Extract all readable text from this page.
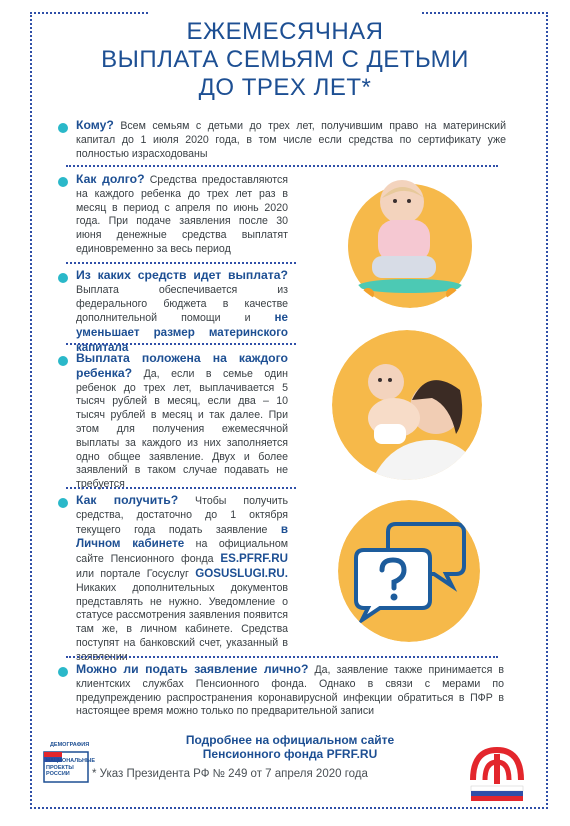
ЕЖЕМЕСЯЧНАЯ
ВЫПЛАТА СЕМЬЯМ С ДЕТЬМИ
ДО ТРЕХ ЛЕТ*
Кому? Всем семьям с детьми до трех лет, получившим право на материнский капитал до 1 июля 2020 года, в том числе если средства по сертификату уже полностью израсходованы
Как долго? Средства предоставляются на каждого ребенка до трех лет раз в месяц в период с апреля по июнь 2020 года. При подаче заявления после 30 июня денежные средства выплатят единовременно за весь период
Из каких средств идет выплата? Выплата обеспечивается из федерального бюджета в качестве дополнительной помощи и не уменьшает размер материнского капитала
Выплата положена на каждого ребенка? Да, если в семье один ребенок до трех лет, выплачивается 5 тысяч рублей в месяц, если два – 10 тысяч рублей в месяц и так далее. При этом для получения ежемесячной выплаты за каждого из них заполняется одно общее заявление. Двух и более заявлений в таком случае подавать не требуется
Как получить? Чтобы получить средства, достаточно до 1 октября текущего года подать заявление в Личном кабинете на официальном сайте Пенсионного фонда ES.PFRF.RU или портале Госуслуг GOSUSLUGI.RU. Никаких дополнительных документов представлять не нужно. Уведомление о статусе рассмотрения заявления появится там же, в личном кабинете. Средства поступят на банковский счет, указанный в заявлении
Можно ли подать заявление лично? Да, заявление также принимается в клиентских службах Пенсионного фонда. Однако в связи с мерами по предупреждению распространения коронавирусной инфекции обратиться в ПФР в настоящее время можно только по предварительной записи
ДЕМОГРАФИЯ
НАЦИОНАЛЬНЫЕ
ПРОЕКТЫ
РОССИИ
Подробнее на официальном сайте
Пенсионного фонда PFRF.RU
* Указ Президента РФ № 249 от 7 апреля 2020 года
